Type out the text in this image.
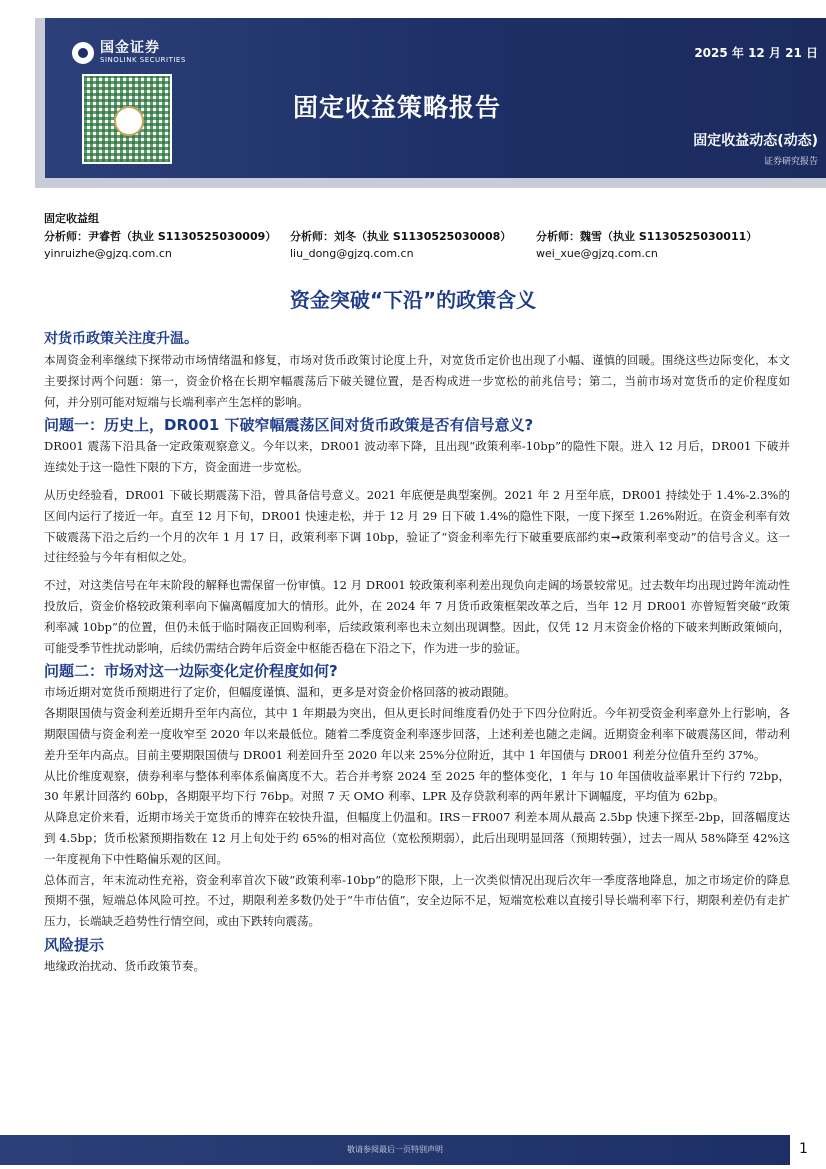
国金证券
SINOLINK SECURITIES	2025 年 12 月 21 日
固定收益策略报告
固定收益动态(动态)
证券研究报告
固定收益组
分析师：尹睿哲（执业 S1130525030009）
yinruizhe@gjzq.com.cn
分析师：刘冬（执业 S1130525030008）
liu_dong@gjzq.com.cn
分析师：魏雪（执业 S1130525030011）
wei_xue@gjzq.com.cn
资金突破“下沿”的政策含义
对货币政策关注度升温。

本周资金利率继续下探带动市场情绪温和修复，市场对货币政策讨论度上升，对宽货币定价也出现了小幅、谨慎的回暖。围绕这些边际变化，本文主要探讨两个问题：第一，资金价格在长期窄幅震荡后下破关键位置，是否构成进一步宽松的前兆信号；第二，当前市场对宽货币的定价程度如何，并分别可能对短端与长端利率产生怎样的影响。

问题一：历史上，DR001 下破窄幅震荡区间对货币政策是否有信号意义?

DR001 震荡下沿具备一定政策观察意义。今年以来，DR001 波动率下降，且出现“政策利率-10bp”的隐性下限。进入 12 月后，DR001 下破并连续处于这一隐性下限的下方，资金面进一步宽松。

从历史经验看，DR001 下破长期震荡下沿，曾具备信号意义。2021 年底便是典型案例。2021 年 2 月至年底，DR001 持续处于 1.4%-2.3%的区间内运行了接近一年。直至 12 月下旬，DR001 快速走松，并于 12 月 29 日下破 1.4%的隐性下限，一度下探至 1.26%附近。在资金利率有效下破震荡下沿之后约一个月的次年 1 月 17 日，政策利率下调 10bp，验证了“资金利率先行下破重要底部约束➞政策利率变动”的信号含义。这一过往经验与今年有相似之处。

不过，对这类信号在年末阶段的解释也需保留一份审慎。12 月 DR001 较政策利率利差出现负向走阔的场景较常见。过去数年均出现过跨年流动性投放后，资金价格较政策利率向下偏离幅度加大的情形。此外，在 2024 年 7 月货币政策框架改革之后，当年 12 月 DR001 亦曾短暂突破“政策利率减 10bp”的位置，但仍未低于临时隔夜正回购利率，后续政策利率也未立刻出现调整。因此，仅凭 12 月末资金价格的下破来判断政策倾向，可能受季节性扰动影响，后续仍需结合跨年后资金中枢能否稳在下沿之下，作为进一步的验证。

问题二：市场对这一边际变化定价程度如何?

市场近期对宽货币预期进行了定价，但幅度谨慎、温和，更多是对资金价格回落的被动跟随。

各期限国债与资金利差近期升至年内高位，其中 1 年期最为突出，但从更长时间维度看仍处于下四分位附近。今年初受资金利率意外上行影响，各期限国债与资金利差一度收窄至 2020 年以来最低位。随着二季度资金利率逐步回落，上述利差也随之走阔。近期资金利率下破震荡区间，带动利差升至年内高点。目前主要期限国债与 DR001 利差回升至 2020 年以来 25%分位附近，其中 1 年国债与 DR001 利差分位值升至约 37%。

从比价维度观察，债券利率与整体利率体系偏离度不大。若合并考察 2024 至 2025 年的整体变化，1 年与 10 年国债收益率累计下行约 72bp，30 年累计回落约 60bp，各期限平均下行 76bp。对照 7 天 OMO 利率、LPR 及存贷款利率的两年累计下调幅度，平均值为 62bp。

从降息定价来看，近期市场关于宽货币的博弈在较快升温，但幅度上仍温和。IRS－FR007 利差本周从最高 2.5bp 快速下探至-2bp，回落幅度达到 4.5bp；货币松紧预期指数在 12 月上旬处于约 65%的相对高位（宽松预期弱），此后出现明显回落（预期转强），过去一周从 58%降至 42%这一年度视角下中性略偏乐观的区间。

总体而言，年末流动性充裕，资金利率首次下破“政策利率-10bp”的隐形下限，上一次类似情况出现后次年一季度落地降息，加之市场定价的降息预期不强，短端总体风险可控。不过，期限利差多数仍处于“牛市估值”，安全边际不足，短端宽松难以直接引导长端利率下行，期限利差仍有走扩压力，长端缺乏趋势性行情空间，或由下跌转向震荡。

风险提示

地缘政治扰动、货币政策节奏。

敬请参阅最后一页特别声明	1
